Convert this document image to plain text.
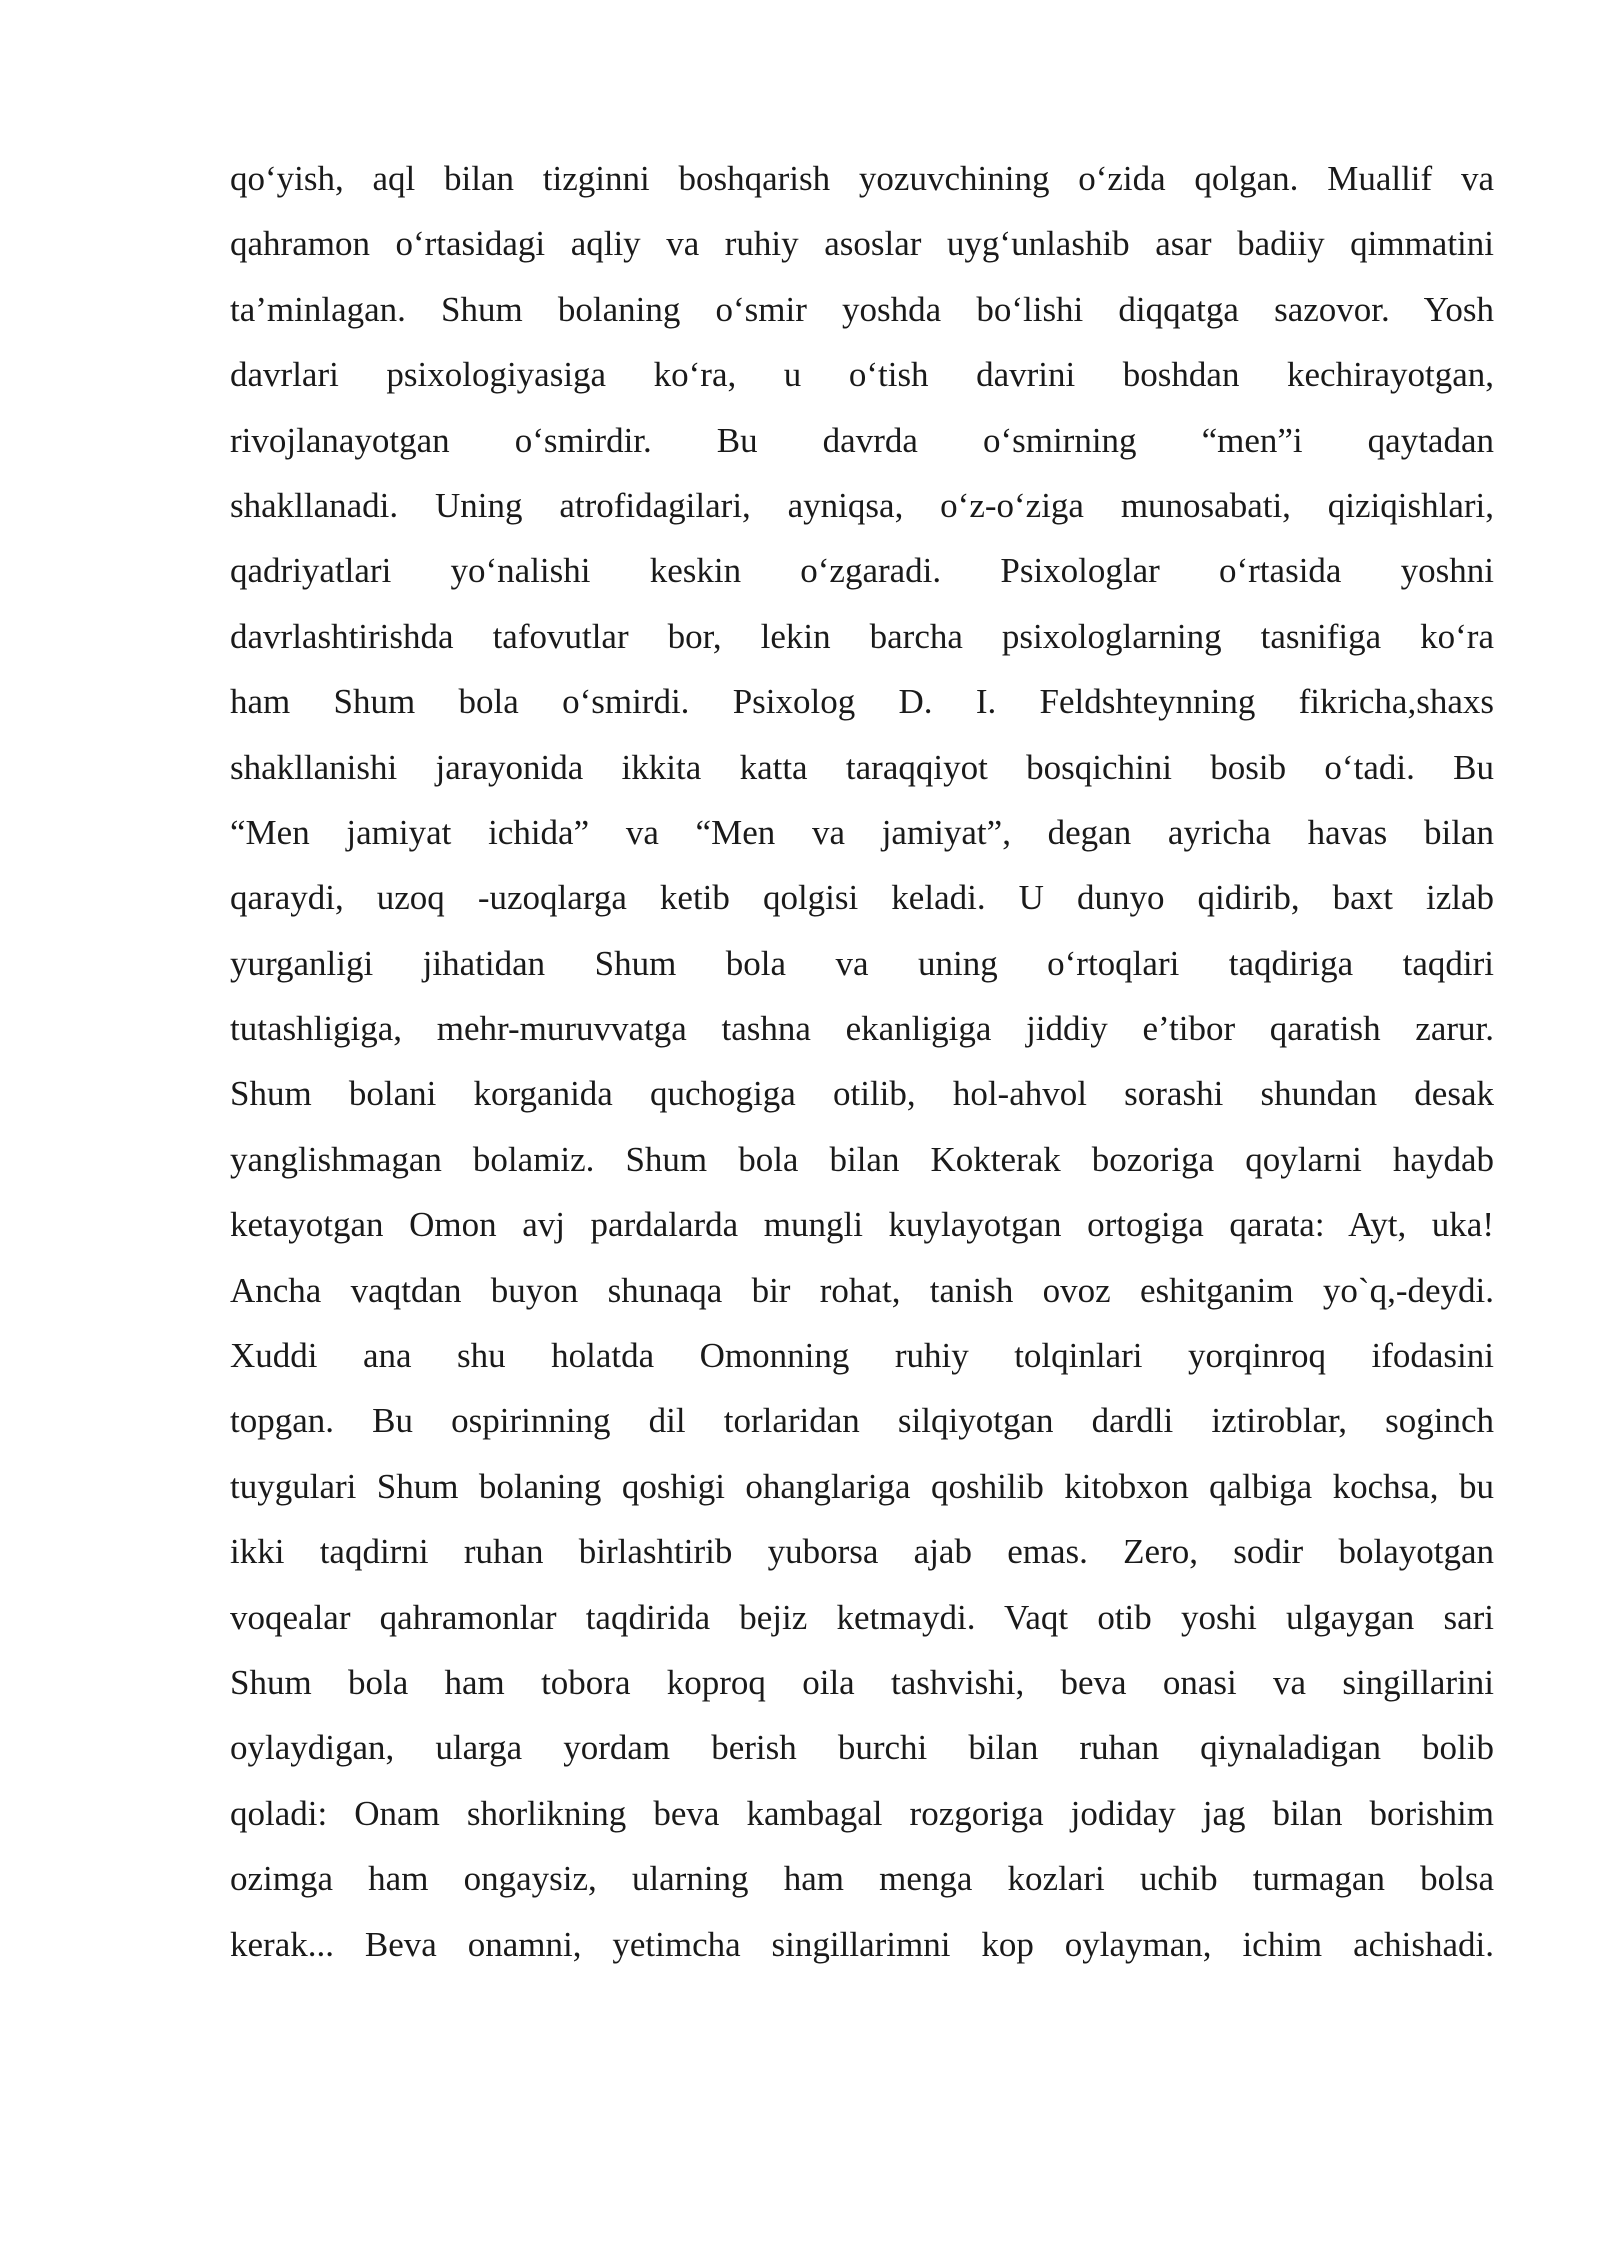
qo‘yish, aql bilan tizginni boshqarish yozuvchining o‘zida qolgan. Muallif va
qahramon o‘rtasidagi aqliy va ruhiy asoslar uyg‘unlashib asar badiiy qimmatini
ta’minlagan. Shum bolaning o‘smir yoshda bo‘lishi diqqatga sazovor. Yosh
davrlari psixologiyasiga ko‘ra, u o‘tish davrini boshdan kechirayotgan,
rivojlanayotgan o‘smirdir. Bu davrda o‘smirning “men”i qaytadan
shakllanadi. Uning atrofidagilari, ayniqsa, o‘z-o‘ziga munosabati, qiziqishlari,
qadriyatlari yo‘nalishi keskin o‘zgaradi. Psixologlar o‘rtasida yoshni
davrlashtirishda tafovutlar bor, lekin barcha psixologlarning tasnifiga ko‘ra
ham Shum bola o‘smirdi. Psixolog D. I. Feldshteynning fikricha,shaxs
shakllanishi jarayonida ikkita katta taraqqiyot bosqichini bosib o‘tadi. Bu
“Men jamiyat ichida” va “Men va jamiyat”, degan ayricha havas bilan
qaraydi, uzoq -uzoqlarga ketib qolgisi keladi. U dunyo qidirib, baxt izlab
yurganligi jihatidan Shum bola va uning o‘rtoqlari taqdiriga taqdiri
tutashligiga, mehr-muruvvatga tashna ekanligiga jiddiy e’tibor qaratish zarur.
Shum bolani korganida quchogiga otilib, hol-ahvol sorashi shundan desak
yanglishmagan bolamiz. Shum bola bilan Kokterak bozoriga qoylarni haydab
ketayotgan Omon avj pardalarda mungli kuylayotgan ortogiga qarata: Ayt, uka!
Ancha vaqtdan buyon shunaqa bir rohat, tanish ovoz eshitganim yo`q,-deydi.
Xuddi ana shu holatda Omonning ruhiy tolqinlari yorqinroq ifodasini
topgan. Bu ospirinning dil torlaridan silqiyotgan dardli iztiroblar, soginch
tuygulari Shum bolaning qoshigi ohanglariga qoshilib kitobxon qalbiga kochsa, bu
ikki taqdirni ruhan birlashtirib yuborsa ajab emas. Zero, sodir bolayotgan
voqealar qahramonlar taqdirida bejiz ketmaydi. Vaqt otib yoshi ulgaygan sari
Shum bola ham tobora koproq oila tashvishi, beva onasi va singillarini
oylaydigan, ularga yordam berish burchi bilan ruhan qiynaladigan bolib
qoladi: Onam shorlikning beva kambagal rozgoriga jodiday jag bilan borishim
ozimga ham ongaysiz, ularning ham menga kozlari uchib turmagan bolsa
kerak... Beva onamni, yetimcha singillarimni kop oylayman, ichim achishadi.
